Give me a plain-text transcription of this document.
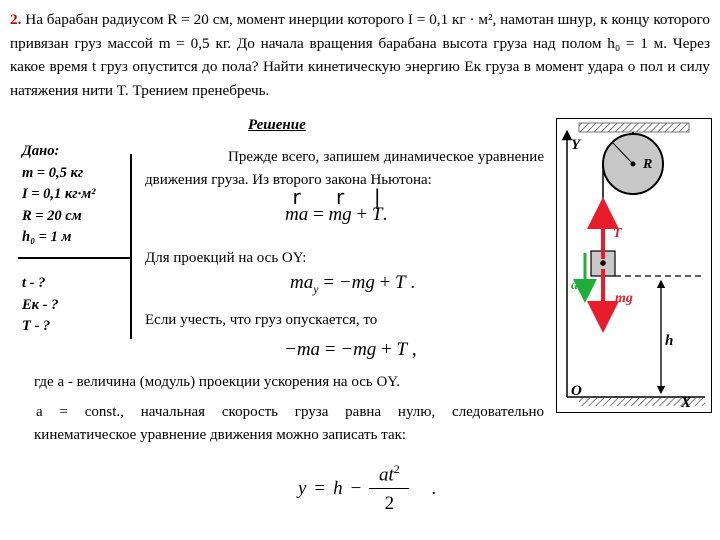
2. На барабан радиусом R = 20 см, момент инерции которого I = 0,1 кг · м², намотан шнур, к концу которого привязан груз массой m = 0,5 кг. До начала вращения барабана высота груза над полом h₀ = 1 м. Через какое время t груз опустится до пола? Найти кинетическую энергию Eк груза в момент удара о пол и силу натяжения нити T. Трением пренебречь.
Решение
Дано:
m = 0,5 кг
I = 0,1 кг·м²
R = 20 см
h₀ = 1 м
t - ?
Eк - ?
T - ?
Прежде всего, запишем динамическое уравнение движения груза. Из второго закона Ньютона:
r
ma =
r
mg +
|
T.
Для проекций на ось OY:
$ma_y = -mg + T$ .
Если учесть, что груз опускается, то
−ma = −mg + T ,
где a - величина (модуль) проекции ускорения на ось OY.
a = const., начальная скорость груза равна нулю, следовательно кинематическое уравнение движения можно записать так:
y = h −
$at^2$
2
.
R
Y
O
X
h
T
mg
a
